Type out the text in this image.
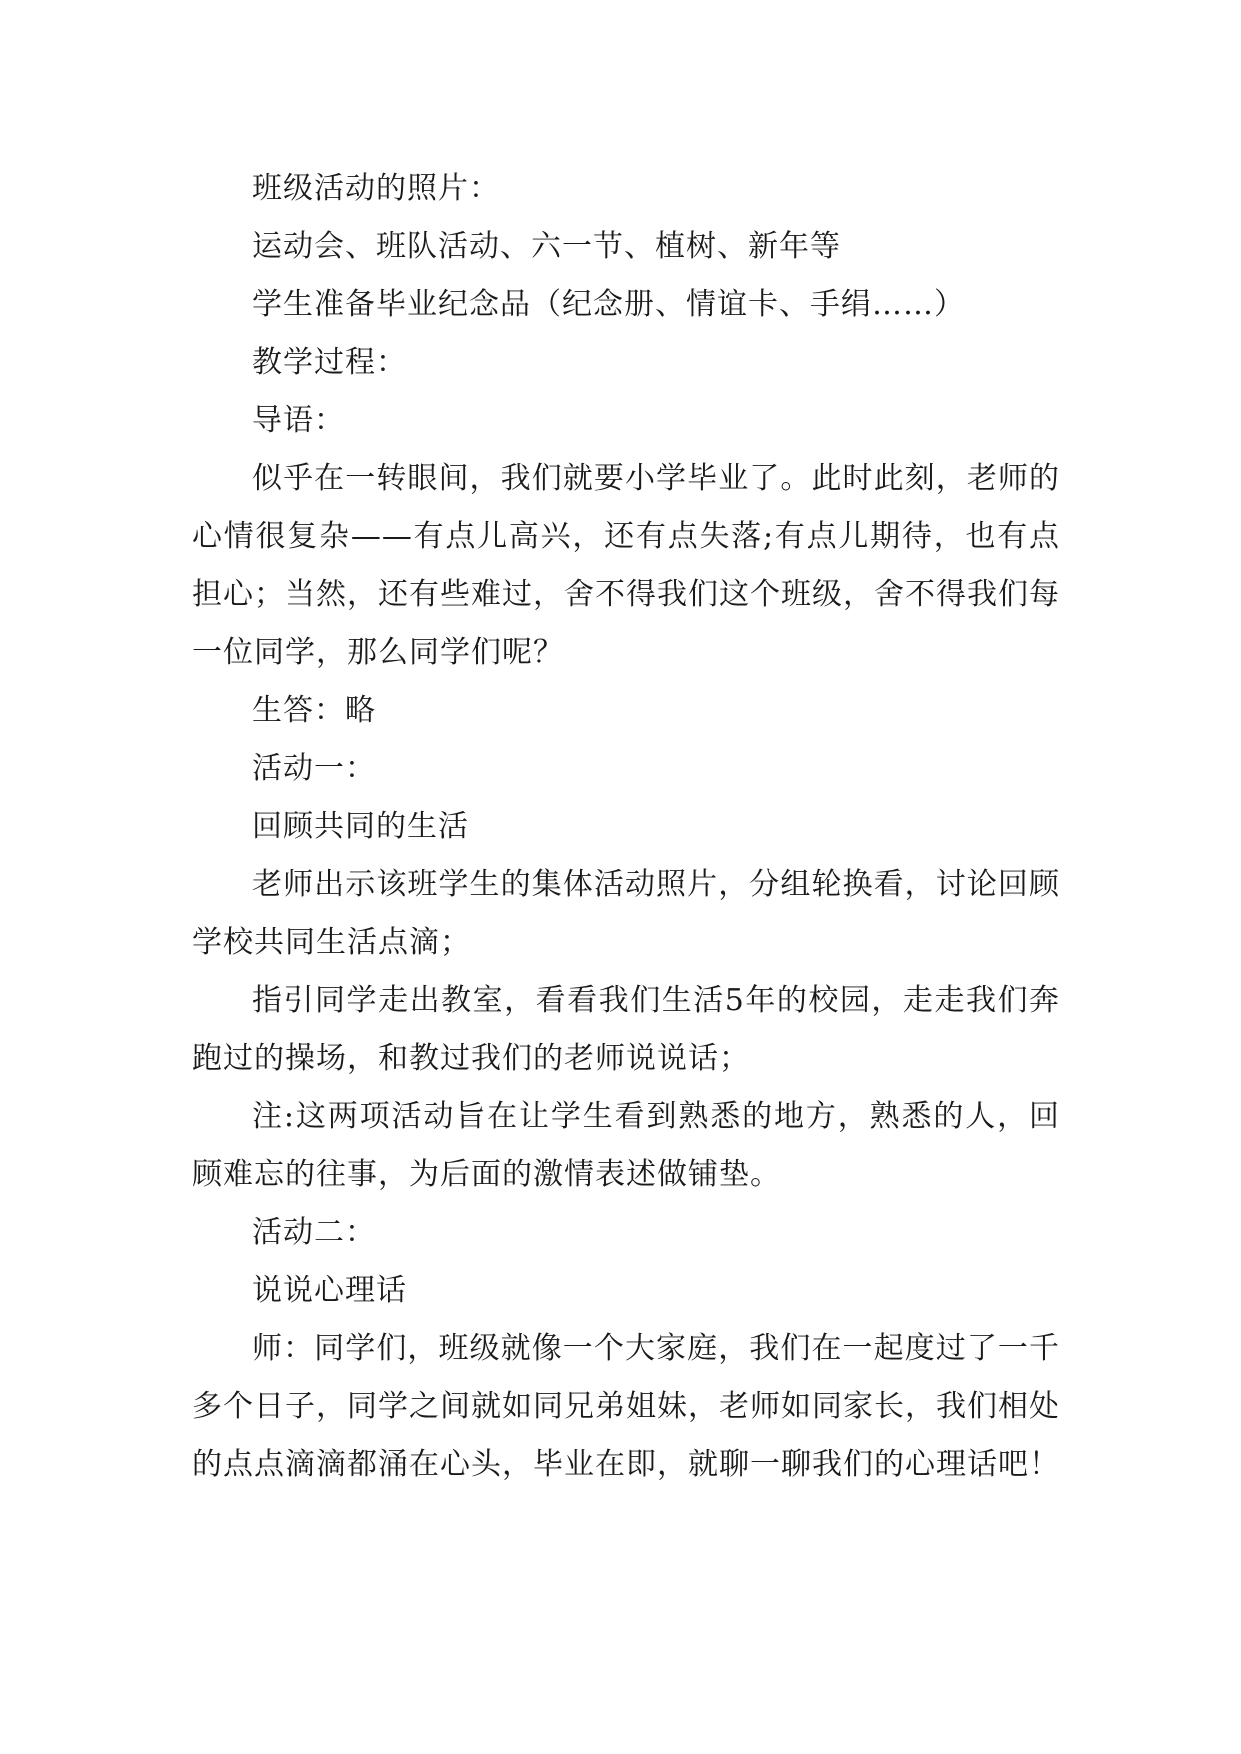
班级活动的照片：

运动会、班队活动、六一节、植树、新年等

学生准备毕业纪念品（纪念册、情谊卡、手绢……）

教学过程：

导语：

似乎在一转眼间，我们就要小学毕业了。此时此刻，老师的心情很复杂——有点儿高兴，还有点失落;有点儿期待，也有点担心；当然，还有些难过，舍不得我们这个班级，舍不得我们每一位同学，那么同学们呢？

生答：略

活动一：

回顾共同的生活

老师出示该班学生的集体活动照片，分组轮换看，讨论回顾学校共同生活点滴；

指引同学走出教室，看看我们生活5年的校园，走走我们奔跑过的操场，和教过我们的老师说说话；

注:这两项活动旨在让学生看到熟悉的地方，熟悉的人，回顾难忘的往事，为后面的激情表述做铺垫。

活动二：

说说心理话

师：同学们，班级就像一个大家庭，我们在一起度过了一千多个日子，同学之间就如同兄弟姐妹，老师如同家长，我们相处的点点滴滴都涌在心头，毕业在即，就聊一聊我们的心理话吧！
